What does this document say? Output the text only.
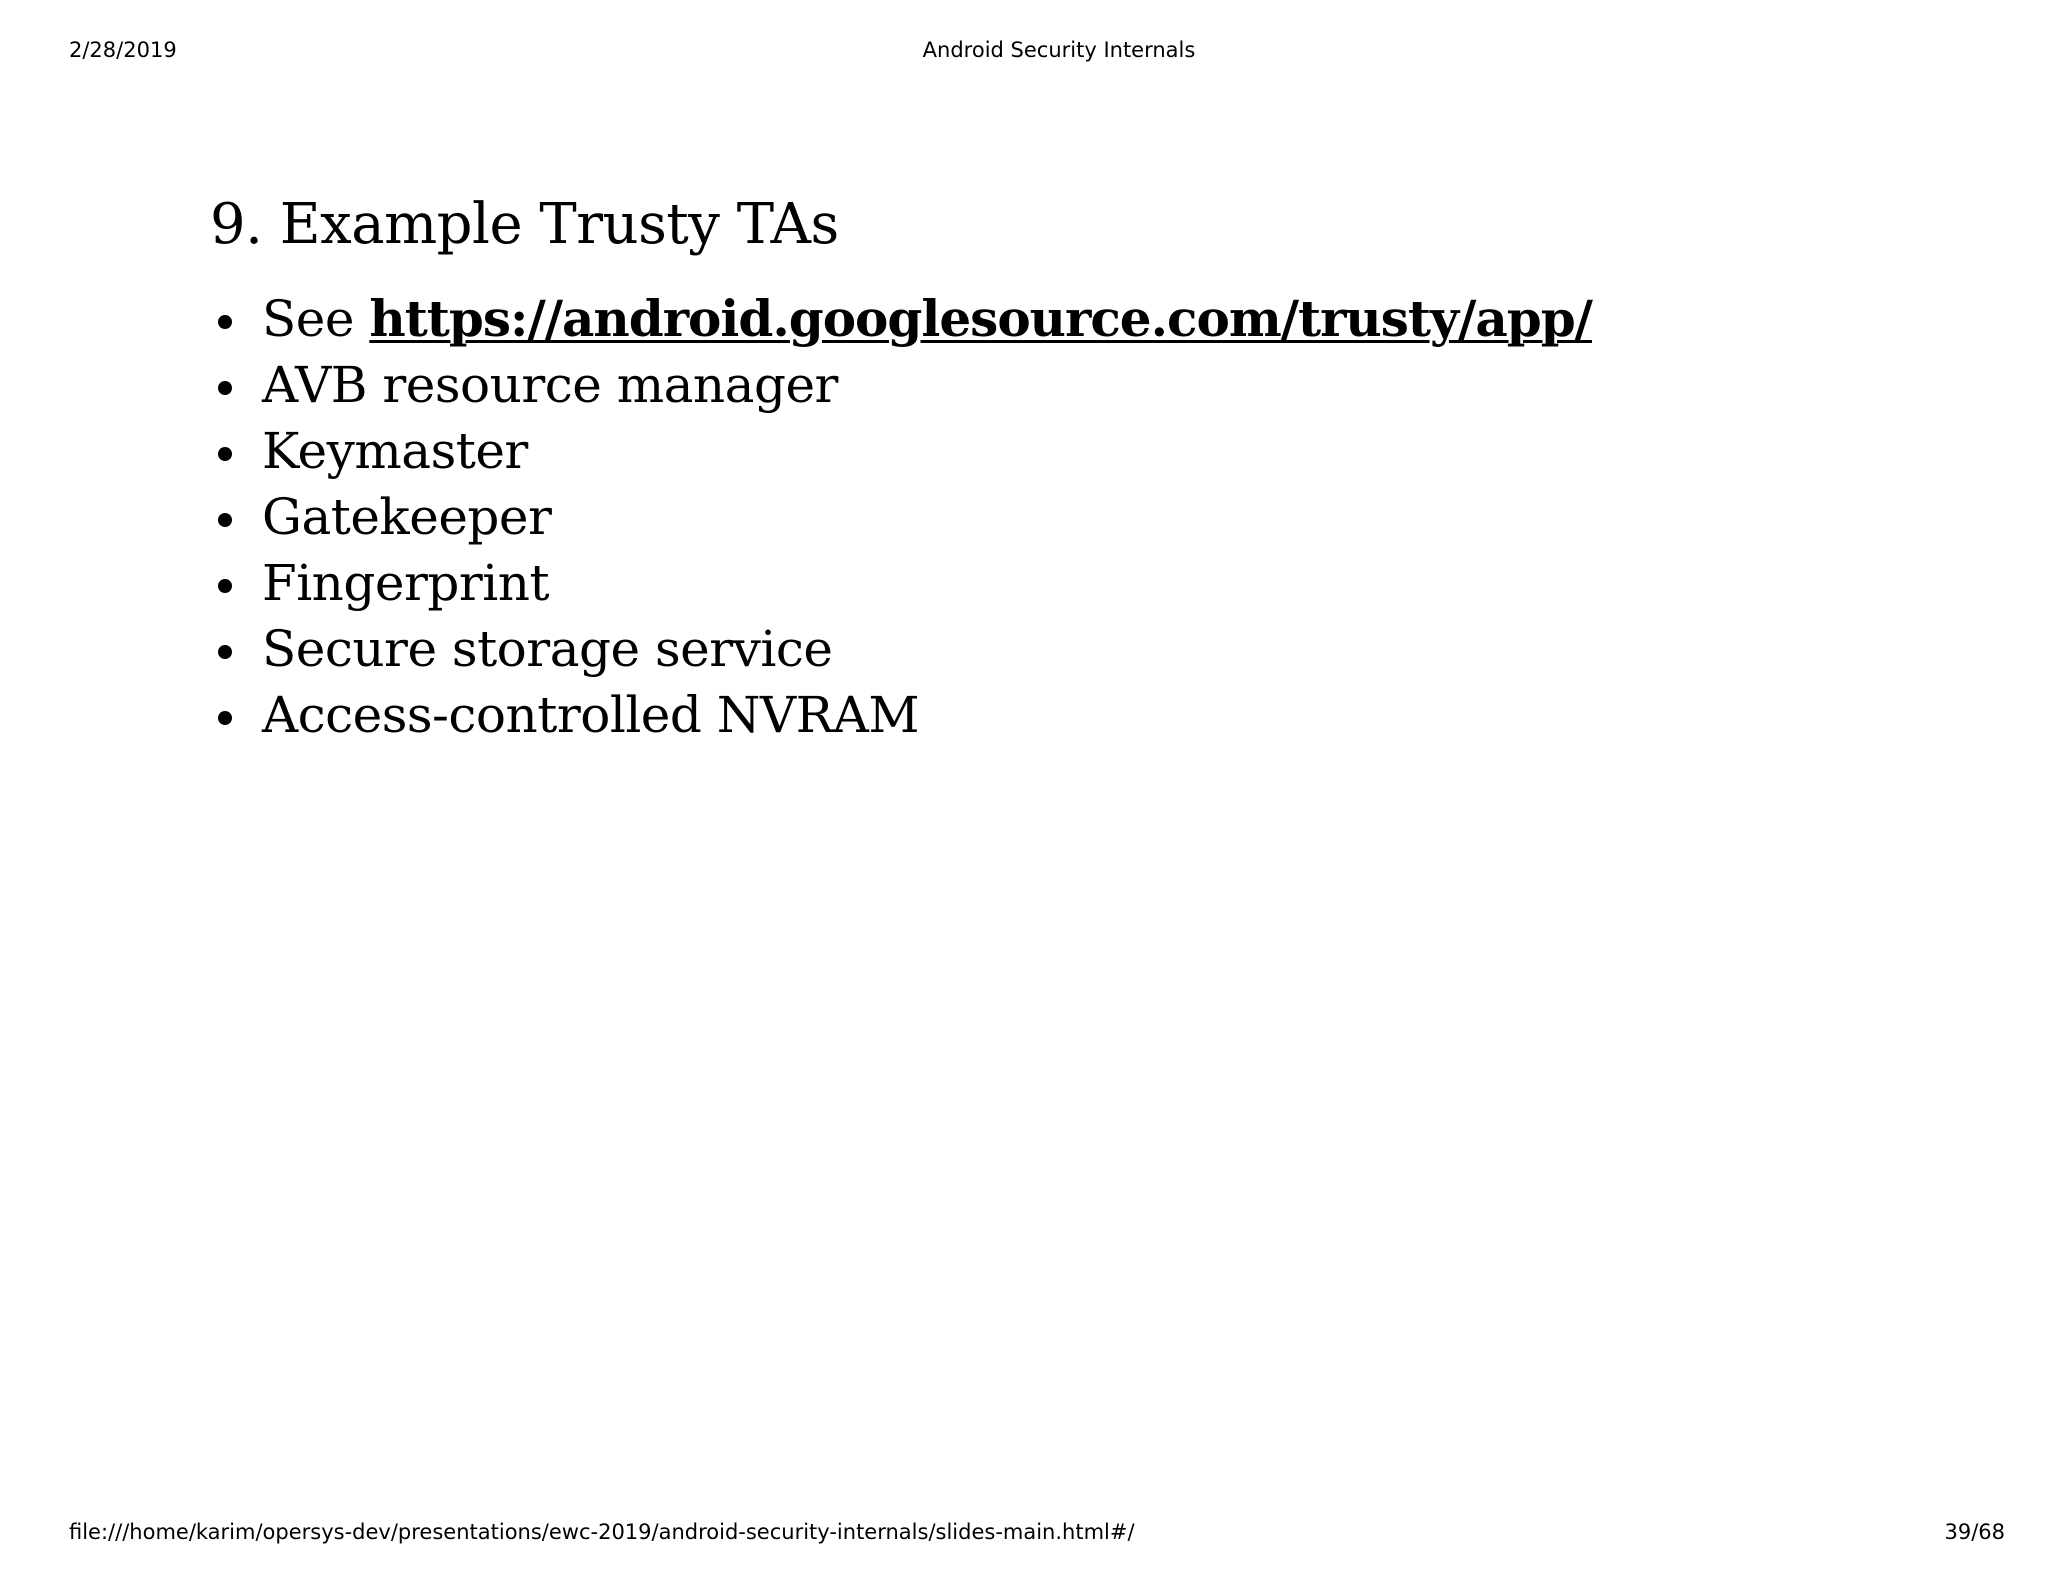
2/28/2019	Android Security Internals
9. Example Trusty TAs
See https://android.googlesource.com/trusty/app/
AVB resource manager
Keymaster
Gatekeeper
Fingerprint
Secure storage service
Access-controlled NVRAM
file:///home/karim/opersys-dev/presentations/ewc-2019/android-security-internals/slides-main.html#/	39/68
